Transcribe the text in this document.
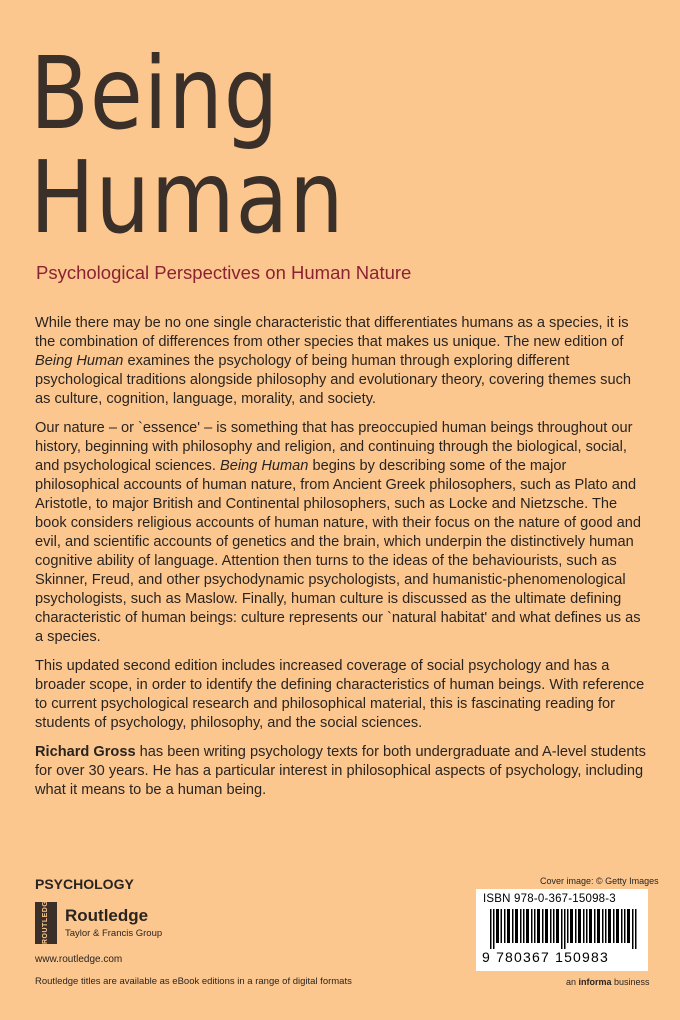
Being
Human
Psychological Perspectives on Human Nature

While there may be no one single characteristic that differentiates humans as a species, it is the combination of differences from other species that makes us unique. The new edition of Being Human examines the psychology of being human through exploring different psychological traditions alongside philosophy and evolutionary theory, covering themes such as culture, cognition, language, morality, and society.

Our nature – or `essence' – is something that has preoccupied human beings throughout our history, beginning with philosophy and religion, and continuing through the biological, social, and psychological sciences. Being Human begins by describing some of the major philosophical accounts of human nature, from Ancient Greek philosophers, such as Plato and Aristotle, to major British and Continental philosophers, such as Locke and Nietzsche. The book considers religious accounts of human nature, with their focus on the nature of good and evil, and scientific accounts of genetics and the brain, which underpin the distinctively human cognitive ability of language. Attention then turns to the ideas of the behaviourists, such as Skinner, Freud, and other psychodynamic psychologists, and humanistic-phenomenological psychologists, such as Maslow. Finally, human culture is discussed as the ultimate defining characteristic of human beings: culture represents our `natural habitat' and what defines us as a species.

This updated second edition includes increased coverage of social psychology and has a broader scope, in order to identify the defining characteristics of human beings. With reference to current psychological research and philosophical material, this is fascinating reading for students of psychology, philosophy, and the social sciences.

Richard Gross has been writing psychology texts for both undergraduate and A-level students for over 30 years. He has a particular interest in philosophical aspects of psychology, including what it means to be a human being.

PSYCHOLOGY
ROUTLEDGE Routledge
Taylor & Francis Group
www.routledge.com
Routledge titles are available as eBook editions in a range of digital formats
Cover image: © Getty Images
ISBN 978-0-367-15098-3
9 780367 150983
an informa business
